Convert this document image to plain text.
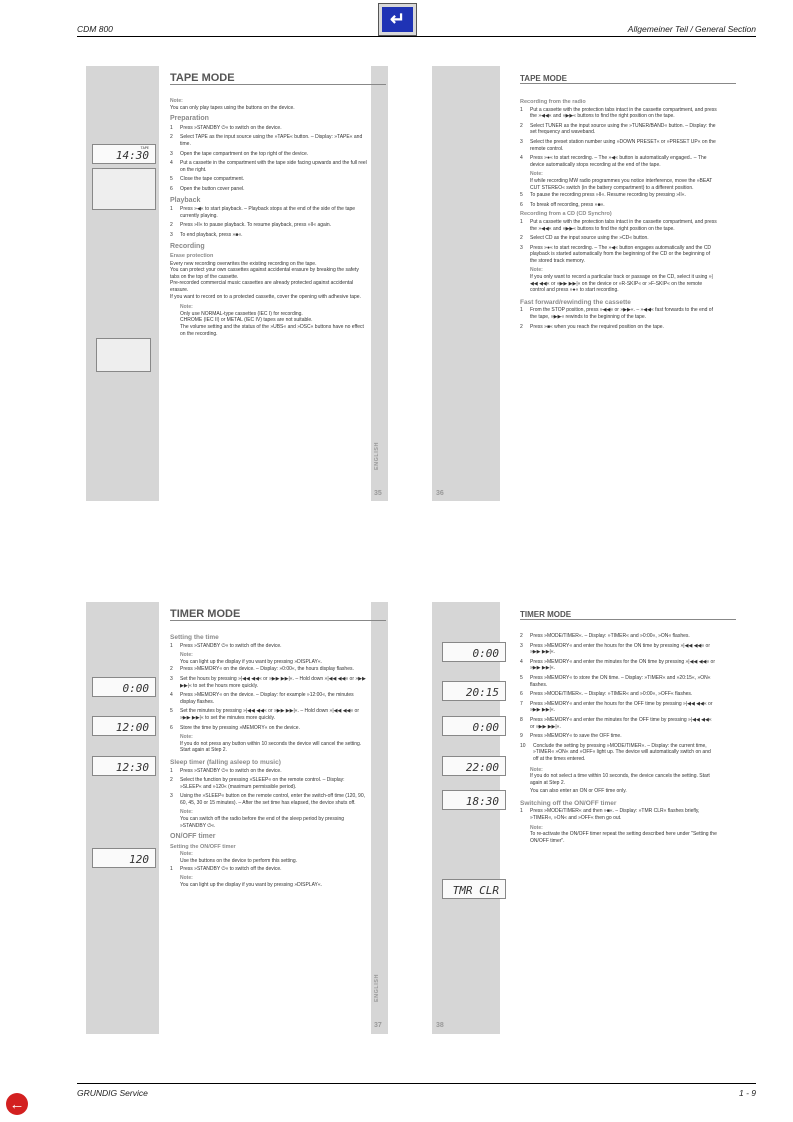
CDM 800	Allgemeiner Teil / General Section
↵
TAPE MODE
TAPE
14:30
Note:
You can only play tapes using the buttons on the device.
Preparation
1	Press »STANDBY ⏻« to switch on the device.
2	Select TAPE as the input source using the »TAPE« button. – Display: »TAPE« and time.
3	Open the tape compartment on the top right of the device.
4	Put a cassette in the compartment with the tape side facing upwards and the full reel on the right.
5	Close the tape compartment.
6	Open the button cover panel.
Playback
1	Press »◀« to start playback. – Playback stops at the end of the side of the tape currently playing.
2	Press »II« to pause playback. To resume playback, press »II« again.
3	To end playback, press »■«.
Recording
Erase protection
Every new recording overwrites the existing recording on the tape.
You can protect your own cassettes against accidental erasure by breaking the safety tabs on the top of the cassette.
Pre-recorded commercial music cassettes are already protected against accidental erasure.
If you want to record on to a protected cassette, cover the opening with adhesive tape.
Note:
Only use NORMAL-type cassettes (IEC I) for recording.
CHROME (IEC II) or METAL (IEC IV) tapes are not suitable.
The volume setting and the status of the »UBS« and »DSC« buttons have no effect on the recording.
ENGLISH
35
TAPE MODE
Recording from the radio
1	Put a cassette with the protection tabs intact in the cassette compartment, and press the »◀◀« and »▶▶« buttons to find the right position on the tape.
2	Select TUNER as the input source using the »TUNER/BAND« button. – Display: the set frequency and waveband.
3	Select the preset station number using »DOWN PRESET« or »PRESET UP« on the remote control.
4	Press »●« to start recording. – The »◀« button is automatically engaged.. – The device automatically stops recording at the end of the tape.
Note:
If while recording MW radio programmes you notice interference, move the »BEAT CUT STEREO« switch (in the battery compartment) to a different position.
5	To pause the recording press »II«. Resume recording by pressing »II«.
6	To break off recording, press »■«.
Recording from a CD (CD Synchro)
1	Put a cassette with the protection tabs intact in the cassette compartment, and press the »◀◀« and »▶▶« buttons to find the right position on the tape.
2	Select CD as the input source using the »CD« button.
3	Press »●« to start recording. – The »◀« button engages automatically and the CD playback is started automatically from the beginning of the CD or the beginning of the stored track memory.
Note:
If you only want to record a particular track or passage on the CD, select it using »|◀◀ ◀◀« or »▶▶ ▶▶|« on the device or »R-SKIP« or »F-SKIP« on the remote control and press »●« to start recording.
Fast forward/rewinding the cassette
1	From the STOP position, press »◀◀« or »▶▶«. – »◀◀« fast forwards to the end of the tape, »▶▶« rewinds to the beginning of the tape.
2	Press »■« when you reach the required position on the tape.
36
TIMER MODE
0:00
12:00
12:30
120
Setting the time
1	Press »STANDBY ⏻« to switch off the device.
Note:
You can light up the display if you want by pressing »DISPLAY«.
2	Press »MEMORY« on the device. – Display: »0:00«, the hours display flashes.
3	Set the hours by pressing »|◀◀ ◀◀« or »▶▶ ▶▶|«. – Hold down »|◀◀ ◀◀« or »▶▶ ▶▶|« to set the hours more quickly.
4	Press »MEMORY« on the device. – Display: for example »12:00«, the minutes display flashes.
5	Set the minutes by pressing »|◀◀ ◀◀« or »▶▶ ▶▶|«. – Hold down »|◀◀ ◀◀« or »▶▶ ▶▶|« to set the minutes more quickly.
6	Store the time by pressing »MEMORY« on the device.
Note:
If you do not press any button within 10 seconds the device will cancel the setting. Start again at Step 2.
Sleep timer (falling asleep to music)
1	Press »STANDBY ⏻« to switch on the device.
2	Select the function by pressing »SLEEP« on the remote control. – Display: »SLEEP« and »120« (maximum permissible period).
3	Using the »SLEEP« button on the remote control, enter the switch-off time (120, 90, 60, 45, 30 or 15 minutes). – After the set time has elapsed, the device shuts off.
Note:
You can switch off the radio before the end of the sleep period by pressing »STANDBY ⏻«.
ON/OFF timer
Setting the ON/OFF timer
Note:
Use the buttons on the device to perform this setting.
1	Press »STANDBY ⏻« to switch off the device.
Note:
You can light up the display if you want by pressing »DISPLAY«.
ENGLISH
37
TIMER MODE
0:00
20:15
0:00
22:00
18:30
TMR CLR
2	Press »MODE/TIMER«. – Display: »TIMER« and »0:00«, »ON« flashes.
3	Press »MEMORY« and enter the hours for the ON time by pressing »|◀◀ ◀◀« or »▶▶ ▶▶|«.
4	Press »MEMORY« and enter the minutes for the ON time by pressing »|◀◀ ◀◀« or »▶▶ ▶▶|«.
5	Press »MEMORY« to store the ON time. – Display: »TIMER« and »20:15«, »ON« flashes.
6	Press »MODE/TIMER«. – Display: »TIMER« and »0:00«, »OFF« flashes.
7	Press »MEMORY« and enter the hours for the OFF time by pressing »|◀◀ ◀◀« or »▶▶ ▶▶|«.
8	Press »MEMORY« and enter the minutes for the OFF time by pressing »|◀◀ ◀◀« or »▶▶ ▶▶|«.
9	Press »MEMORY« to save the OFF time.
10	Conclude the setting by pressing »MODE/TIMER«. – Display: the current time, »TIMER« »ON« and »OFF« light up. The device will automatically switch on and off at the times entered.
Note:
If you do not select a time within 10 seconds, the device cancels the setting. Start again at Step 2.
You can also enter an ON or OFF time only.
Switching off the ON/OFF timer
1	Press »MODE/TIMER« and then »■«. – Display: »TMR CLR« flashes briefly, »TIMER«, »ON« and »OFF« then go out.
Note:
To re-activate the ON/OFF timer repeat the setting described here under "Setting the ON/OFF timer".
38
GRUNDIG Service	1 - 9
←
